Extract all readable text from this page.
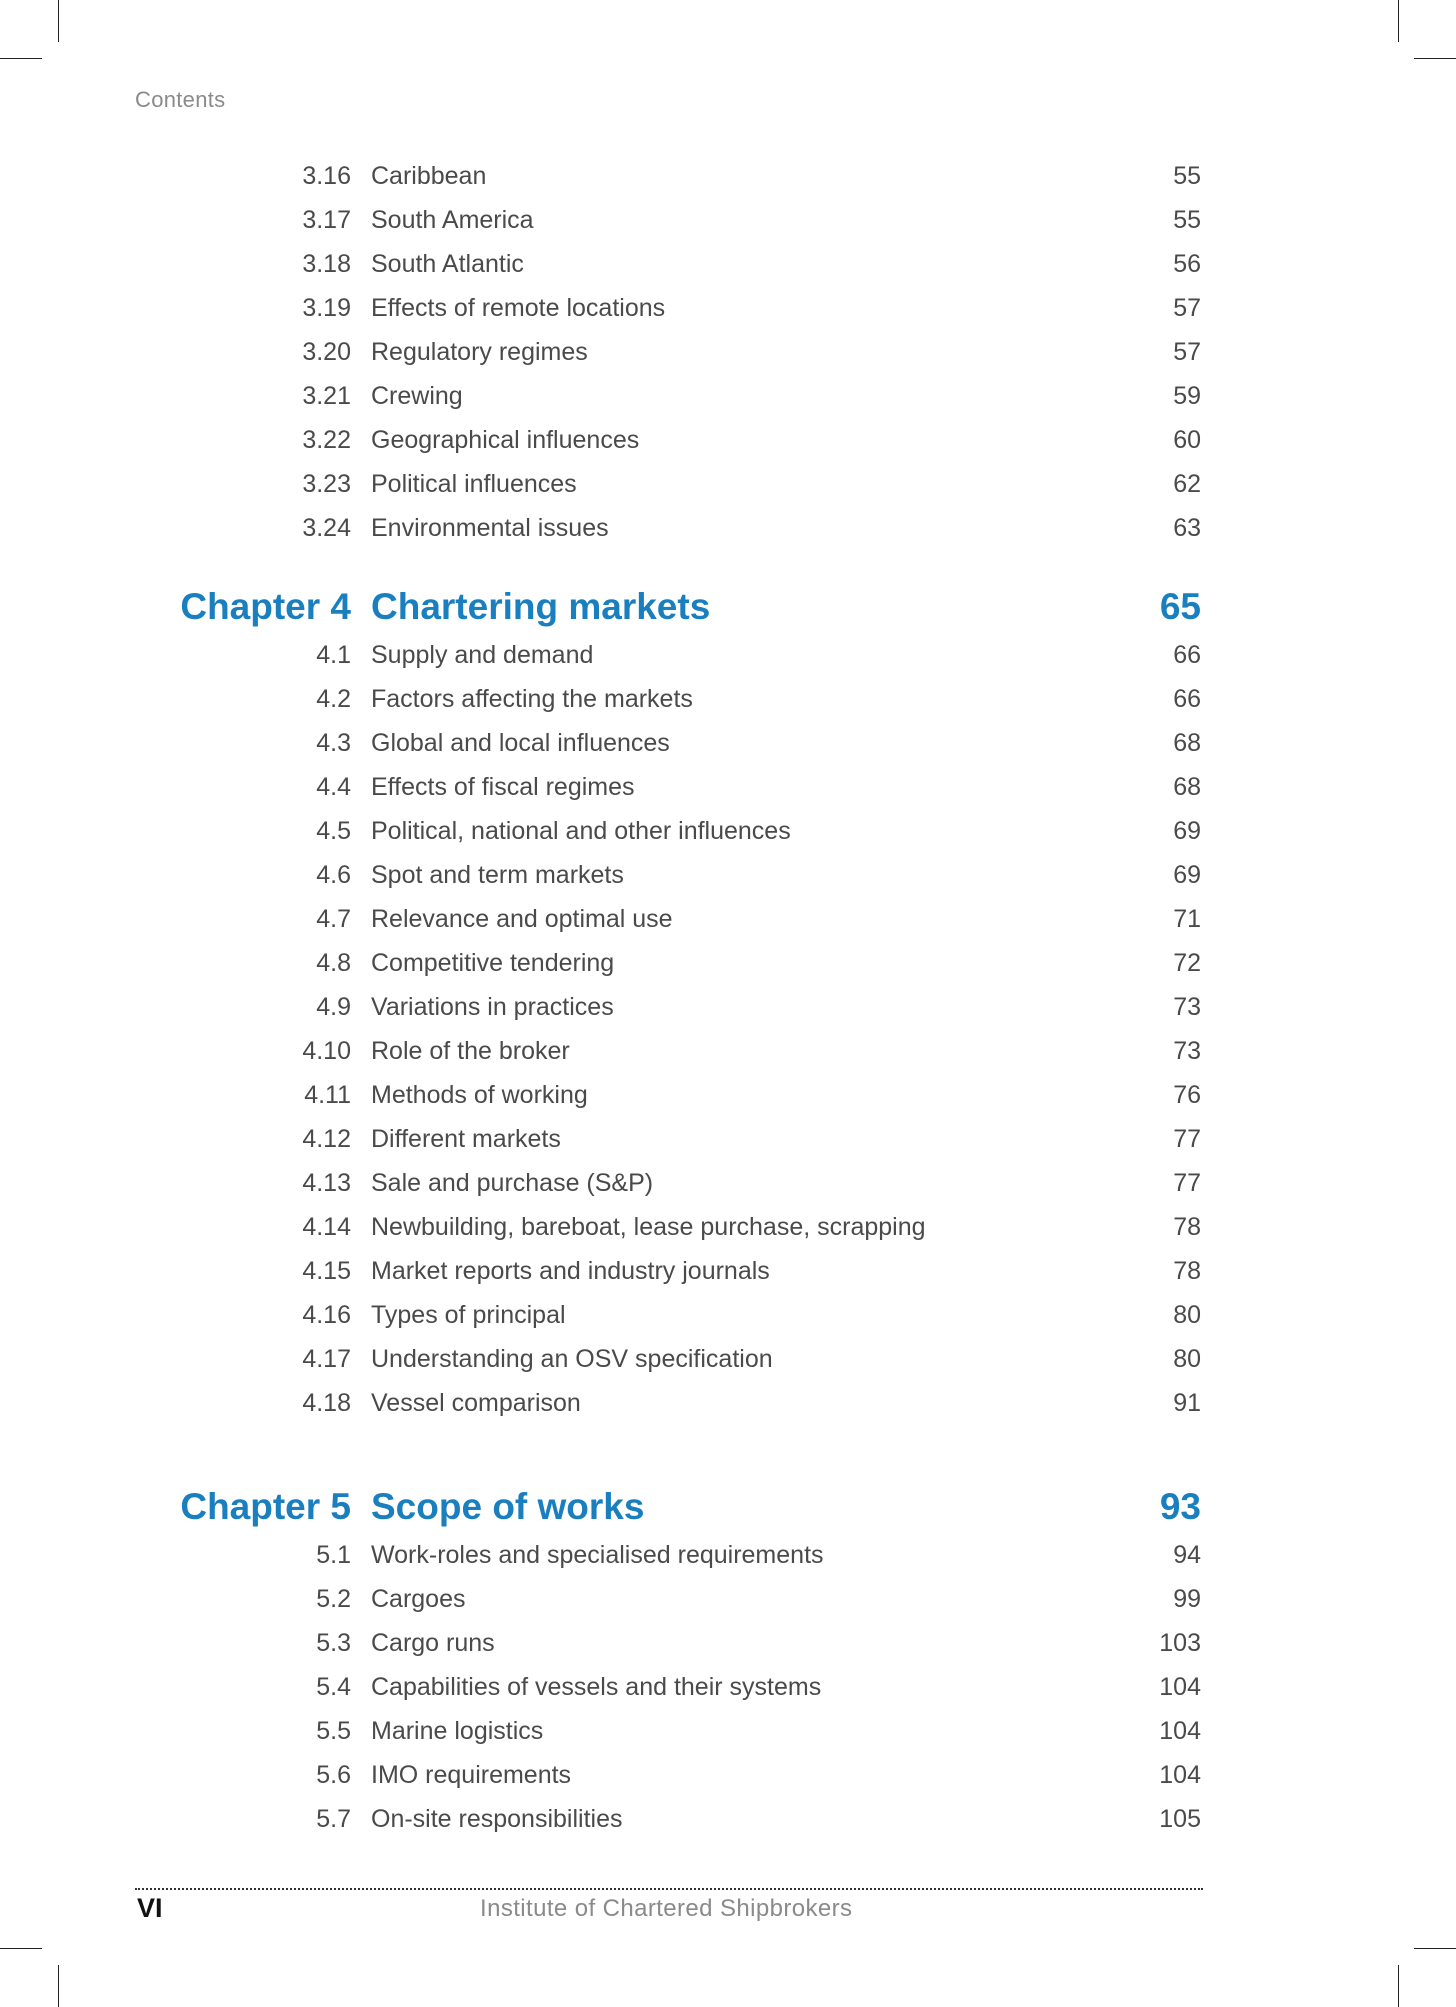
Contents
3.16 Caribbean	55
3.17 South America	55
3.18 South Atlantic	56
3.19 Effects of remote locations	57
3.20 Regulatory regimes	57
3.21 Crewing	59
3.22 Geographical influences	60
3.23 Political influences	62
3.24 Environmental issues	63
Chapter 4 Chartering markets	65
4.1 Supply and demand	66
4.2 Factors affecting the markets	66
4.3 Global and local influences	68
4.4 Effects of fiscal regimes	68
4.5 Political, national and other influences	69
4.6 Spot and term markets	69
4.7 Relevance and optimal use	71
4.8 Competitive tendering	72
4.9 Variations in practices	73
4.10 Role of the broker	73
4.11 Methods of working	76
4.12 Different markets	77
4.13 Sale and purchase (S&P)	77
4.14 Newbuilding, bareboat, lease purchase, scrapping	78
4.15 Market reports and industry journals	78
4.16 Types of principal	80
4.17 Understanding an OSV specification	80
4.18 Vessel comparison	91
Chapter 5 Scope of works	93
5.1 Work-roles and specialised requirements	94
5.2 Cargoes	99
5.3 Cargo runs	103
5.4 Capabilities of vessels and their systems	104
5.5 Marine logistics	104
5.6 IMO requirements	104
5.7 On-site responsibilities	105
VI	Institute of Chartered Shipbrokers
